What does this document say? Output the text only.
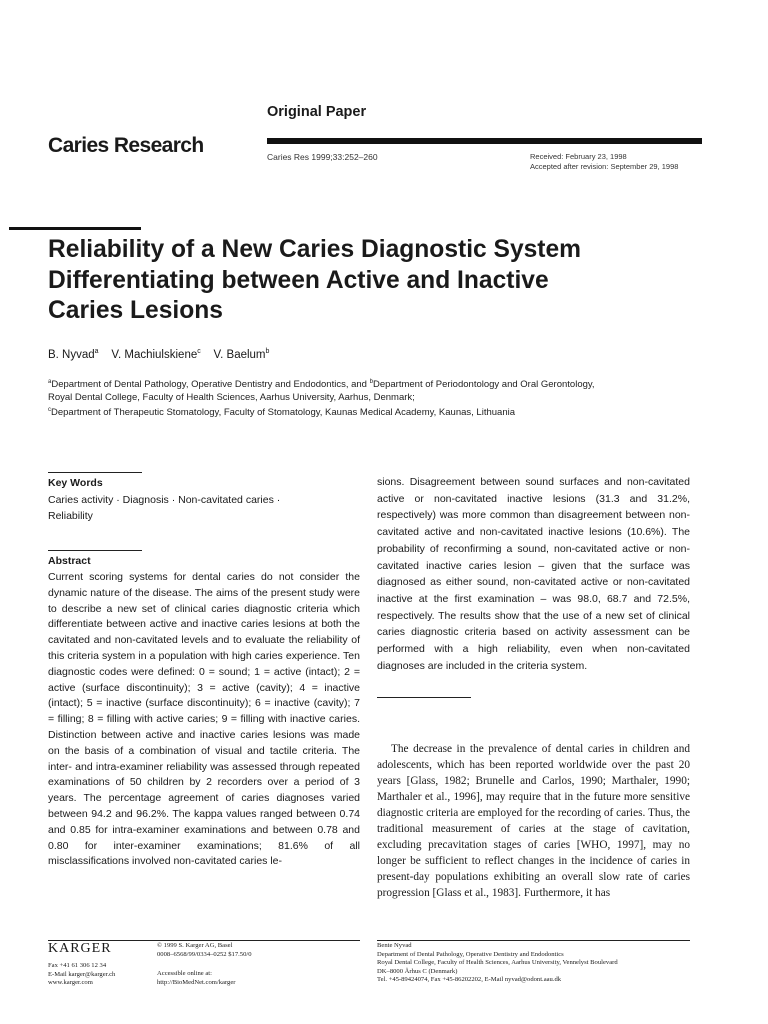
Original Paper
Caries Research	Caries Res 1999;33:252–260	Received: February 23, 1998
Accepted after revision: September 29, 1998
Reliability of a New Caries Diagnostic System Differentiating between Active and Inactive Caries Lesions
B. Nyvad$^a$ V. Machiulskiene$^c$ V. Baelum$^b$
$^a$Department of Dental Pathology, Operative Dentistry and Endodontics, and $^b$Department of Periodontology and Oral Gerontology, Royal Dental College, Faculty of Health Sciences, Aarhus University, Aarhus, Denmark;
$^c$Department of Therapeutic Stomatology, Faculty of Stomatology, Kaunas Medical Academy, Kaunas, Lithuania
Key Words
Caries activity · Diagnosis · Non-cavitated caries ·
Reliability
Abstract

Current scoring systems for dental caries do not consider the dynamic nature of the disease. The aims of the present study were to describe a new set of clinical caries diagnostic criteria which differentiate between active and inactive caries lesions at both the cavitated and non-cavitated levels and to evaluate the reliability of this criteria system in a population with high caries experience. Ten diagnostic codes were defined: 0 = sound; 1 = active (intact); 2 = active (surface discontinuity); 3 = active (cavity); 4 = inactive (intact); 5 = inactive (surface discontinuity); 6 = inactive (cavity); 7 = filling; 8 = filling with active caries; 9 = filling with inactive caries. Distinction between active and inactive caries lesions was made on the basis of a combination of visual and tactile criteria. The inter- and intra-examiner reliability was assessed through repeated examinations of 50 children by 2 recorders over a period of 3 years. The percentage agreement of caries diagnoses varied between 94.2 and 96.2%. The kappa values ranged between 0.74 and 0.85 for intra-examiner examinations and between 0.78 and 0.80 for inter-examiner examinations; 81.6% of all misclassifications involved non-cavitated caries le-

sions. Disagreement between sound surfaces and non-cavitated active or non-cavitated inactive lesions (31.3 and 31.2%, respectively) was more common than disagreement between non-cavitated active and non-cavitated inactive lesions (10.6%). The probability of reconfirming a sound, non-cavitated active or non-cavitated inactive caries lesion – given that the surface was diagnosed as either sound, non-cavitated active or non-cavitated inactive at the first examination – was 98.0, 68.7 and 72.5%, respectively. The results show that the use of a new set of clinical caries diagnostic criteria based on activity assessment can be performed with a high reliability, even when non-cavitated diagnoses are included in the criteria system.

The decrease in the prevalence of dental caries in children and adolescents, which has been reported worldwide over the past 20 years [Glass, 1982; Brunelle and Carlos, 1990; Marthaler, 1990; Marthaler et al., 1996], may require that in the future more sensitive diagnostic criteria are employed for the recording of caries. Thus, the traditional measurement of caries at the stage of cavitation, excluding precavitation stages of caries [WHO, 1997], may no longer be sufficient to reflect changes in the incidence of caries in present-day populations exhibiting an overall slow rate of caries progression [Glass et al., 1983]. Furthermore, it has

KARGER
Fax +41 61 306 12 34
E-Mail karger@karger.ch
www.karger.com
© 1999 S. Karger AG, Basel
0008–6568/99/0334–0252 $17.50/0
Accessible online at:
http://BioMedNet.com/karger
Bente Nyvad
Department of Dental Pathology, Operative Dentistry and Endodontics
Royal Dental College, Faculty of Health Sciences, Aarhus University, Vennelyst Boulevard
DK–8000 Århus C (Denmark)
Tel. +45-89424074, Fax +45-86202202, E-Mail nyvad@odont.aau.dk
